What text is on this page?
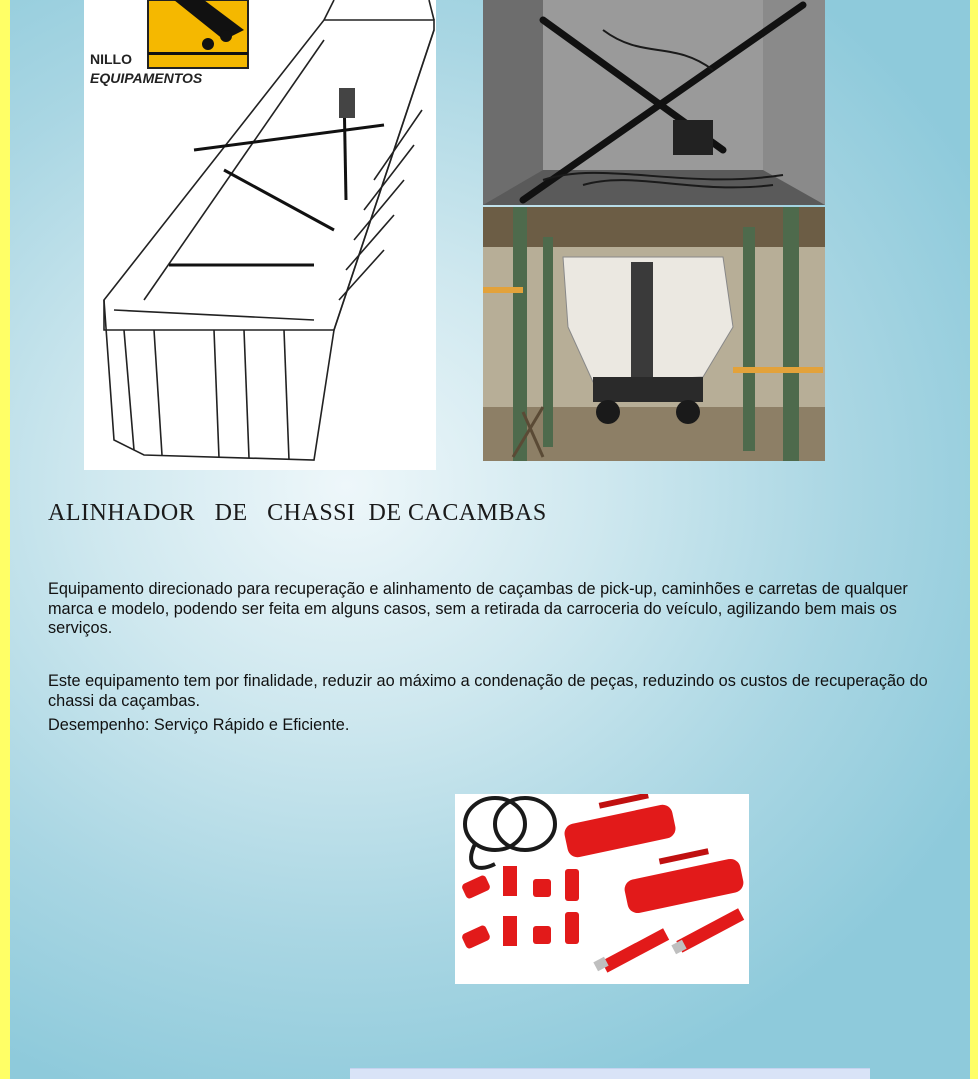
NILLO
EQUIPAMENTOS
ALINHADOR   DE   CHASSI  DE CACAMBAS

Equipamento direcionado para recuperação e alinhamento de caçambas de pick-up, caminhões e carretas de qualquer marca e modelo, podendo ser feita em alguns casos, sem a retirada da carroceria do veículo, agilizando bem mais os serviços.

Este equipamento tem por finalidade, reduzir ao máximo a condenação de peças, reduzindo os custos de recuperação do chassi da caçambas.

Desempenho: Serviço Rápido e Eficiente.
